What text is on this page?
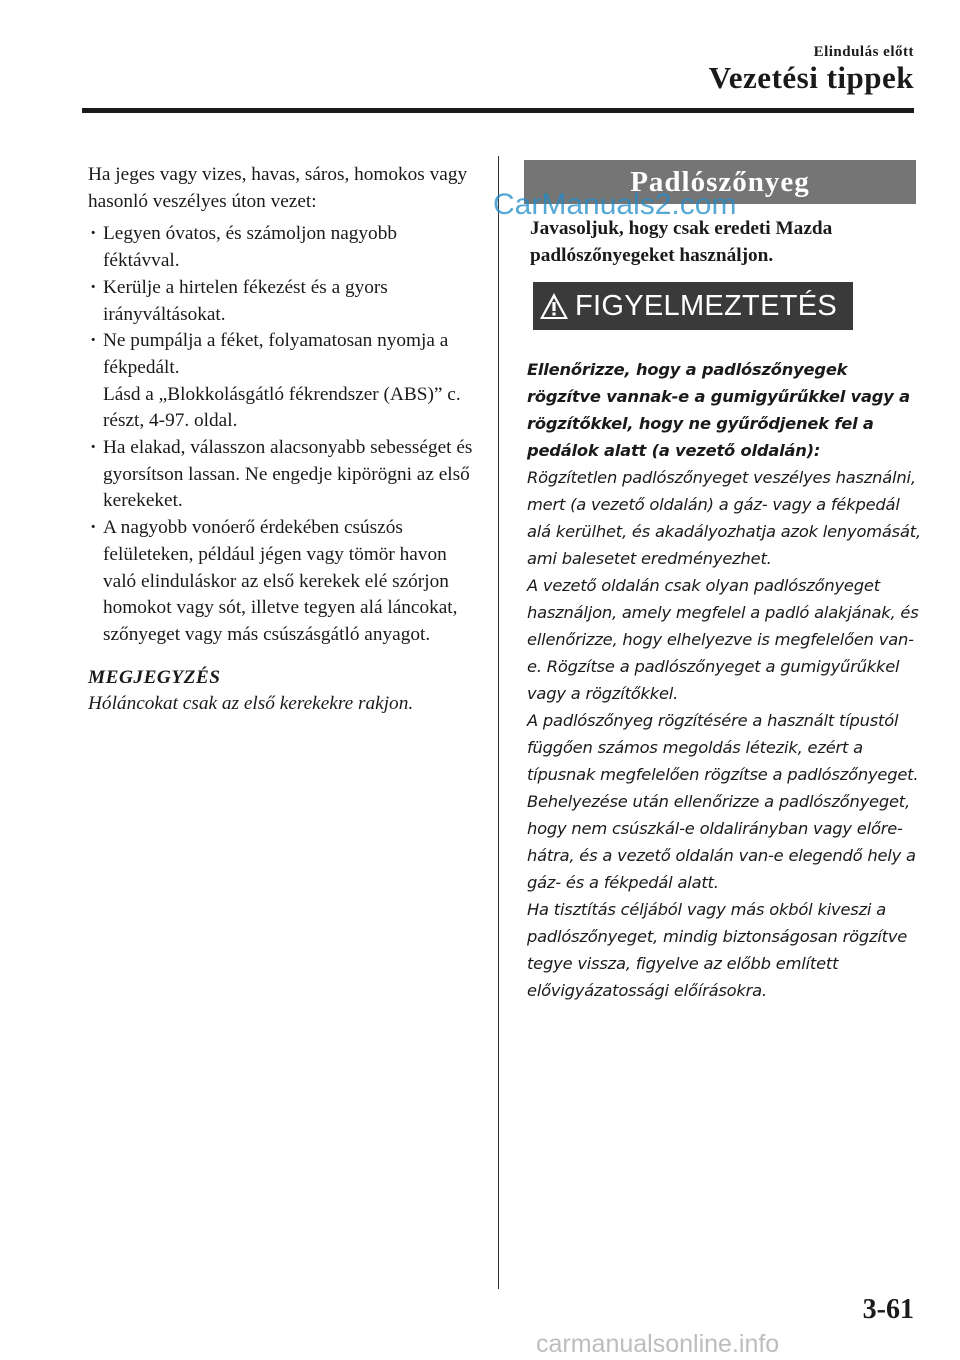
Elindulás előtt
Vezetési tippek

Ha jeges vagy vizes, havas, sáros, homokos vagy hasonló veszélyes úton vezet:

· Legyen óvatos, és számoljon nagyobb féktávval.
· Kerülje a hirtelen fékezést és a gyors irányváltásokat.
· Ne pumpálja a féket, folyamatosan nyomja a fékpedált.
Lásd a „Blokkolásgátló fékrendszer (ABS)” c. részt, 4-97. oldal.
· Ha elakad, válasszon alacsonyabb sebességet és gyorsítson lassan. Ne engedje kipörögni az első kerekeket.
· A nagyobb vonóerő érdekében csúszós felületeken, például jégen vagy tömör havon való elinduláskor az első kerekek elé szórjon homokot vagy sót, illetve tegyen alá láncokat, szőnyeget vagy más csúszásgátló anyagot.
MEGJEGYZÉS
Hóláncokat csak az első kerekekre rakjon.
Padlószőnyeg
CarManuals2.com
Javasoljuk, hogy csak eredeti Mazda padlószőnyegeket használjon.
FIGYELMEZTETÉS

Ellenőrizze, hogy a padlószőnyegek rögzítve vannak-e a gumigyűrűkkel vagy a rögzítőkkel, hogy ne gyűrődjenek fel a pedálok alatt (a vezető oldalán):

Rögzítetlen padlószőnyeget veszélyes használni, mert (a vezető oldalán) a gáz- vagy a fékpedál alá kerülhet, és akadályozhatja azok lenyomását, ami balesetet eredményezhet.

A vezető oldalán csak olyan padlószőnyeget használjon, amely megfelel a padló alakjának, és ellenőrizze, hogy elhelyezve is megfelelően van-e. Rögzítse a padlószőnyeget a gumigyűrűkkel vagy a rögzítőkkel.

A padlószőnyeg rögzítésére a használt típustól függően számos megoldás létezik, ezért a típusnak megfelelően rögzítse a padlószőnyeget.

Behelyezése után ellenőrizze a padlószőnyeget, hogy nem csúszkál-e oldalirányban vagy előre-hátra, és a vezető oldalán van-e elegendő hely a gáz- és a fékpedál alatt.

Ha tisztítás céljából vagy más okból kiveszi a padlószőnyeget, mindig biztonságosan rögzítve tegye vissza, figyelve az előbb említett elővigyázatossági előírásokra.

3-61
carmanualsonline.info
